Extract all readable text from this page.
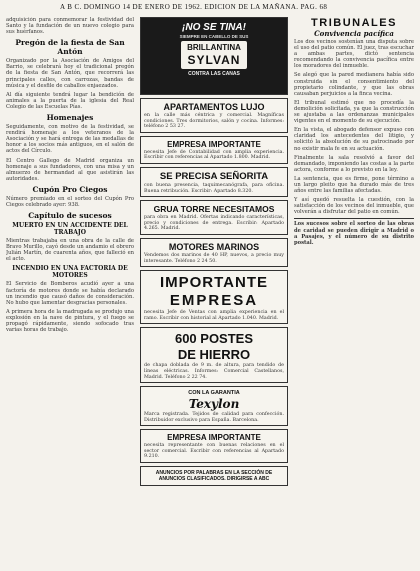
A B C. DOMINGO 14 DE ENERO DE 1962. EDICION DE LA MAÑANA. PAG. 68

adquisición para conmemorar la festividad del Santo y la fundación de un nuevo colegio para sus huérfanos.

Pregón de la fiesta de San Antón

Organizado por la Asociación de Amigos del Barrio, se celebrará hoy el tradicional pregón de la fiesta de San Antón, que recorrerá las principales calles, con carrozas, bandas de música y el desfile de caballos enjaezados.

Al día siguiente tendrá lugar la bendición de animales a la puerta de la iglesia del Real Colegio de las Escuelas Pías.

Homenajes

Seguidamente, con motivo de la festividad, se rendirá homenaje a los veteranos de la Asociación y se hará entrega de las medallas de honor a los socios más antiguos, en el salón de actos del Círculo.

El Centro Gallego de Madrid organiza un homenaje a sus fundadores, con una misa y un almuerzo de hermandad al que asistirán las autoridades.

Cupón Pro Ciegos

Número premiado en el sorteo del Cupón Pro Ciegos celebrado ayer: 938.

Capítulo de sucesos
MUERTO EN UN ACCIDENTE DEL TRABAJO

Mientras trabajaba en una obra de la calle de Bravo Murillo, cayó desde un andamio el obrero Julián Martín, de cuarenta años, que falleció en el acto.

INCENDIO EN UNA FACTORIA DE MOTORES

El Servicio de Bomberos acudió ayer a una factoría de motores donde se había declarado un incendio que causó daños de consideración. No hubo que lamentar desgracias personales.

A primera hora de la madrugada se produjo una explosión en la nave de pintura, y el fuego se propagó rápidamente, siendo sofocado tras varias horas de trabajo.

¡NO SE TINA!
SIEMPRE EN CABELLO DE SUS
BRILLANTINA
SYLVAN
CONTRA LAS CANAS
APARTAMENTOS LUJO
en la calle más céntrica y comercial. Magníficas condiciones. Tres dormitorios, salón y cocina. Informes: teléfono 2 53 27.
EMPRESA IMPORTANTE
necesita Jefe de Contabilidad con amplia experiencia. Escribir con referencias al Apartado 1.800. Madrid.
SE PRECISA SEÑORITA
con buena presencia, taquimecanógrafa, para oficina. Buena retribución. Escribir: Apartado 8.320.
GRUA TORRE NECESITAMOS
para obra en Madrid. Ofertas indicando características, precio y condiciones de entrega. Escribir: Apartado 4.265. Madrid.
MOTORES MARINOS
Vendemos dos marinos de 40 HP, nuevos, a precio muy interesante. Teléfono 2 24 50.
IMPORTANTE
EMPRESA
necesita Jefe de Ventas con amplia experiencia en el ramo. Escribir con historial al Apartado 1.040. Madrid.
600 POSTES
DE HIERRO
de chapa doblada de 9 m. de altura, para tendido de líneas eléctricas. Informes: Comercial Castellanos, Madrid. Teléfono 2 22 74.
CON LA GARANTIA
Texylon
Marca registrada. Tejidos de calidad para confección. Distribuidor exclusivo para España. Barcelona.
EMPRESA IMPORTANTE
necesita representante con buenas relaciones en el sector comercial. Escribir con referencias al Apartado 9.210.
ANUNCIOS POR PALABRAS EN LA SECCIÓN DE ANUNCIOS CLASIFICADOS. DIRIGIRSE A ABC
TRIBUNALES
Convivencia pacífica

Los dos vecinos sostenían una disputa sobre el uso del patio común. El juez, tras escuchar a ambas partes, dictó sentencia recomendando la convivencia pacífica entre los moradores del inmueble.

Se alegó que la pared medianera había sido construida sin el consentimiento del propietario colindante, y que las obras causaban perjuicios a la finca vecina.

El tribunal estimó que no procedía la demolición solicitada, ya que la construcción se ajustaba a las ordenanzas municipales vigentes en el momento de su ejecución.

En la vista, el abogado defensor expuso con claridad los antecedentes del litigio, y solicitó la absolución de su patrocinado por no existir mala fe en su actuación.

Finalmente la sala resolvió a favor del demandado, imponiendo las costas a la parte actora, conforme a lo previsto en la ley.

La sentencia, que es firme, pone término a un largo pleito que ha durado más de tres años entre las familias afectadas.

Y así quedó resuelta la cuestión, con la satisfacción de los vecinos del inmueble, que volverán a disfrutar del patio en común.

Los sucesos sobre el sorteo de las obras de caridad se pueden dirigir a Madrid o a Pasajes, y el número de su distrito postal.
